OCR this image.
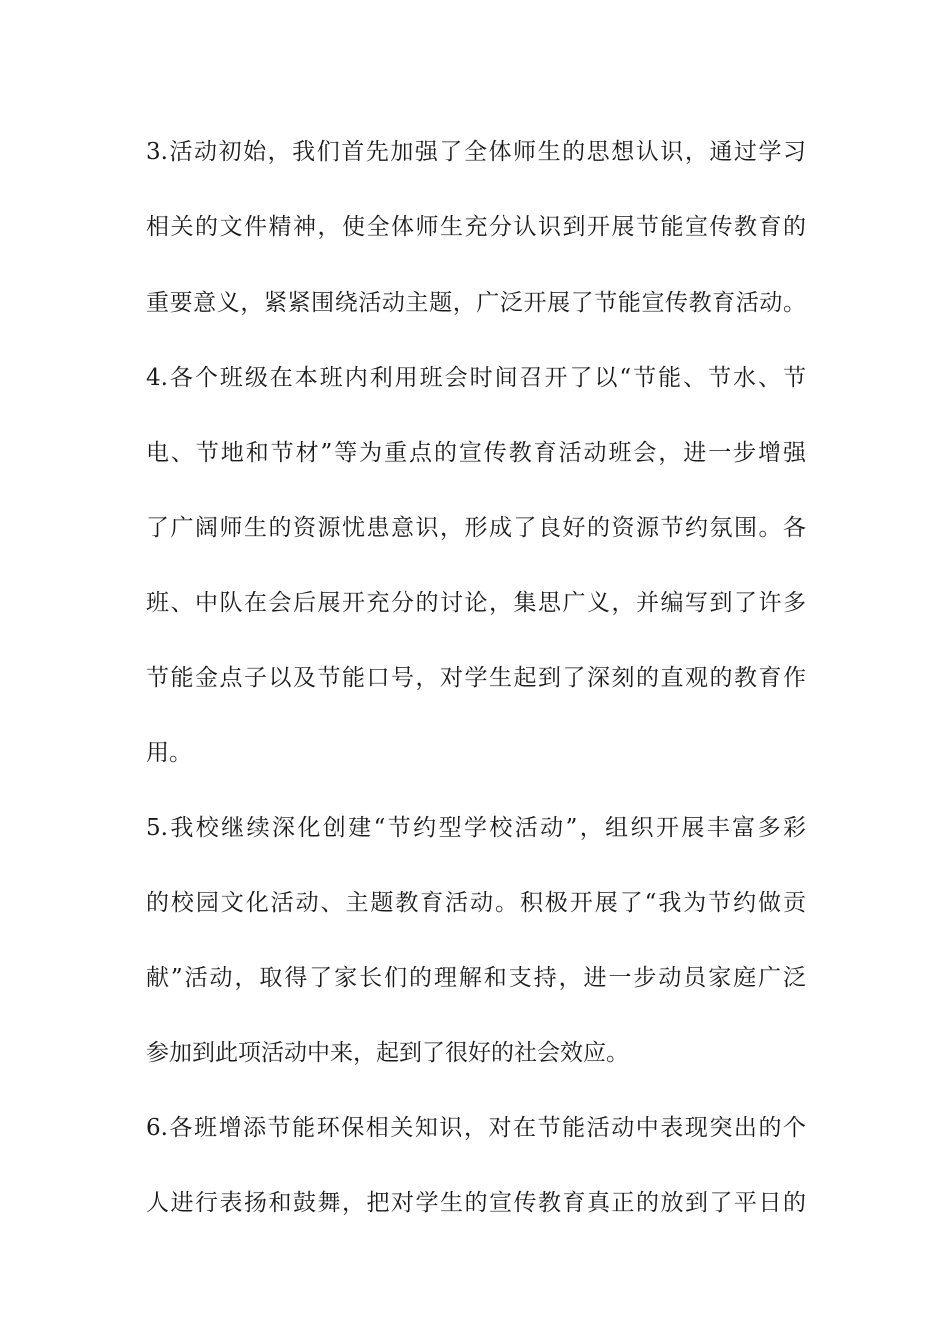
3.活动初始，我们首先加强了全体师生的思想认识，通过学习
相关的文件精神，使全体师生充分认识到开展节能宣传教育的
重要意义，紧紧围绕活动主题，广泛开展了节能宣传教育活动。
4.各个班级在本班内利用班会时间召开了以“节能、节水、节
电、节地和节材”等为重点的宣传教育活动班会，进一步增强
了广阔师生的资源忧患意识，形成了良好的资源节约氛围。各
班、中队在会后展开充分的讨论，集思广义，并编写到了许多
节能金点子以及节能口号，对学生起到了深刻的直观的教育作
用。
5.我校继续深化创建“节约型学校活动”，组织开展丰富多彩
的校园文化活动、主题教育活动。积极开展了“我为节约做贡
献”活动，取得了家长们的理解和支持，进一步动员家庭广泛
参加到此项活动中来，起到了很好的社会效应。
6.各班增添节能环保相关知识，对在节能活动中表现突出的个
人进行表扬和鼓舞，把对学生的宣传教育真正的放到了平日的
